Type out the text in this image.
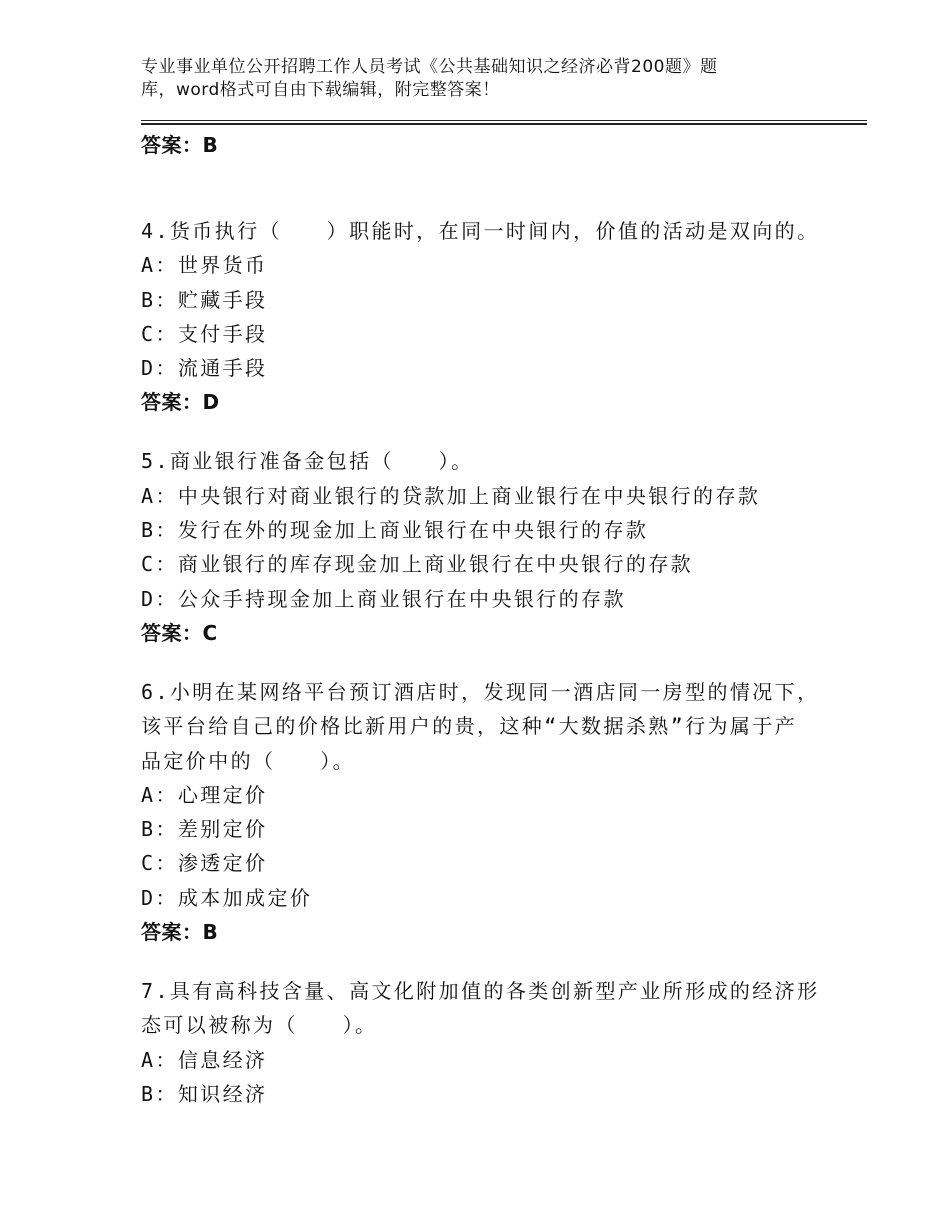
专业事业单位公开招聘工作人员考试《公共基础知识之经济必背200题》题
库，word格式可自由下载编辑，附完整答案！
答案：B
4.货币执行（　　）职能时，在同一时间内，价值的活动是双向的。
A：世界货币
B：贮藏手段
C：支付手段
D：流通手段
答案：D
5.商业银行准备金包括（　　）。
A：中央银行对商业银行的贷款加上商业银行在中央银行的存款
B：发行在外的现金加上商业银行在中央银行的存款
C：商业银行的库存现金加上商业银行在中央银行的存款
D：公众手持现金加上商业银行在中央银行的存款
答案：C
6.小明在某网络平台预订酒店时，发现同一酒店同一房型的情况下，
该平台给自己的价格比新用户的贵，这种“大数据杀熟”行为属于产
品定价中的（　　）。
A：心理定价
B：差别定价
C：渗透定价
D：成本加成定价
答案：B
7.具有高科技含量、高文化附加值的各类创新型产业所形成的经济形
态可以被称为（　　）。
A：信息经济
B：知识经济
